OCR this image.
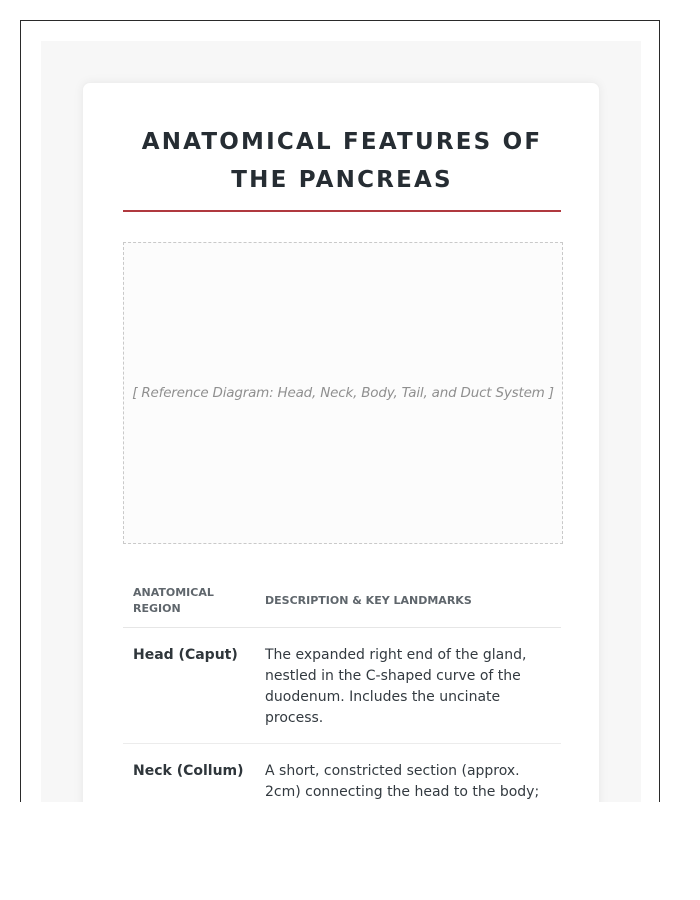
ANATOMICAL FEATURES OF THE PANCREAS
[ Reference Diagram: Head, Neck, Body, Tail, and Duct System ]
ANATOMICAL REGION	DESCRIPTION & KEY LANDMARKS
Head (Caput)	The expanded right end of the gland, nestled in the C-shaped curve of the duodenum. Includes the uncinate process.
Neck (Collum)	A short, constricted section (approx. 2cm) connecting the head to the body;
